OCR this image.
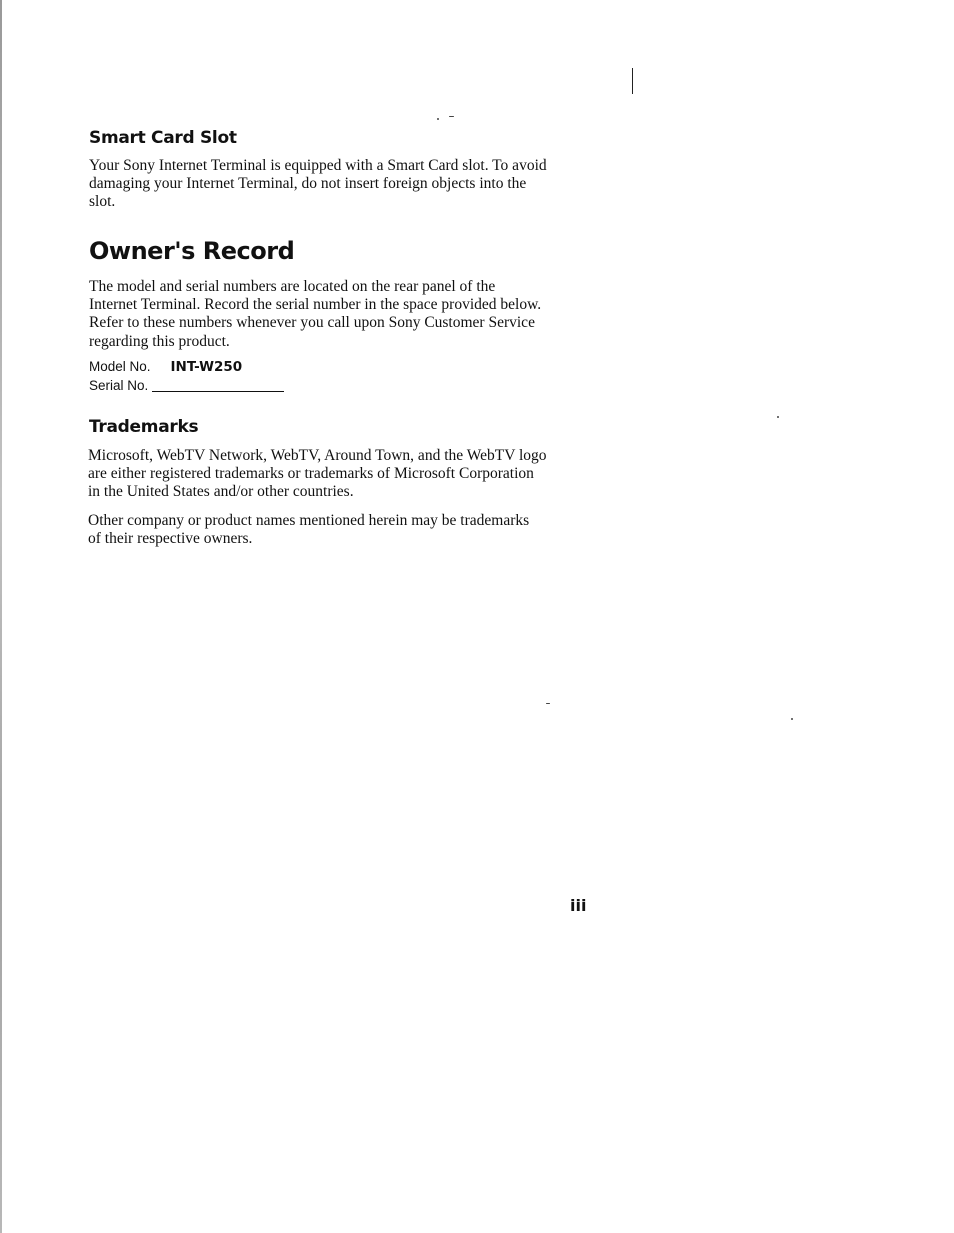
Smart Card Slot
Your Sony Internet Terminal is equipped with a Smart Card slot. To avoid
damaging your Internet Terminal, do not insert foreign objects into the
slot.
Owner's Record
The model and serial numbers are located on the rear panel of the
Internet Terminal. Record the serial number in the space provided below.
Refer to these numbers whenever you call upon Sony Customer Service
regarding this product.
Model No. INT-W250
Serial No.
Trademarks
Microsoft, WebTV Network, WebTV, Around Town, and the WebTV logo
are either registered trademarks or trademarks of Microsoft Corporation
in the United States and/or other countries.
Other company or product names mentioned herein may be trademarks
of their respective owners.
iii
